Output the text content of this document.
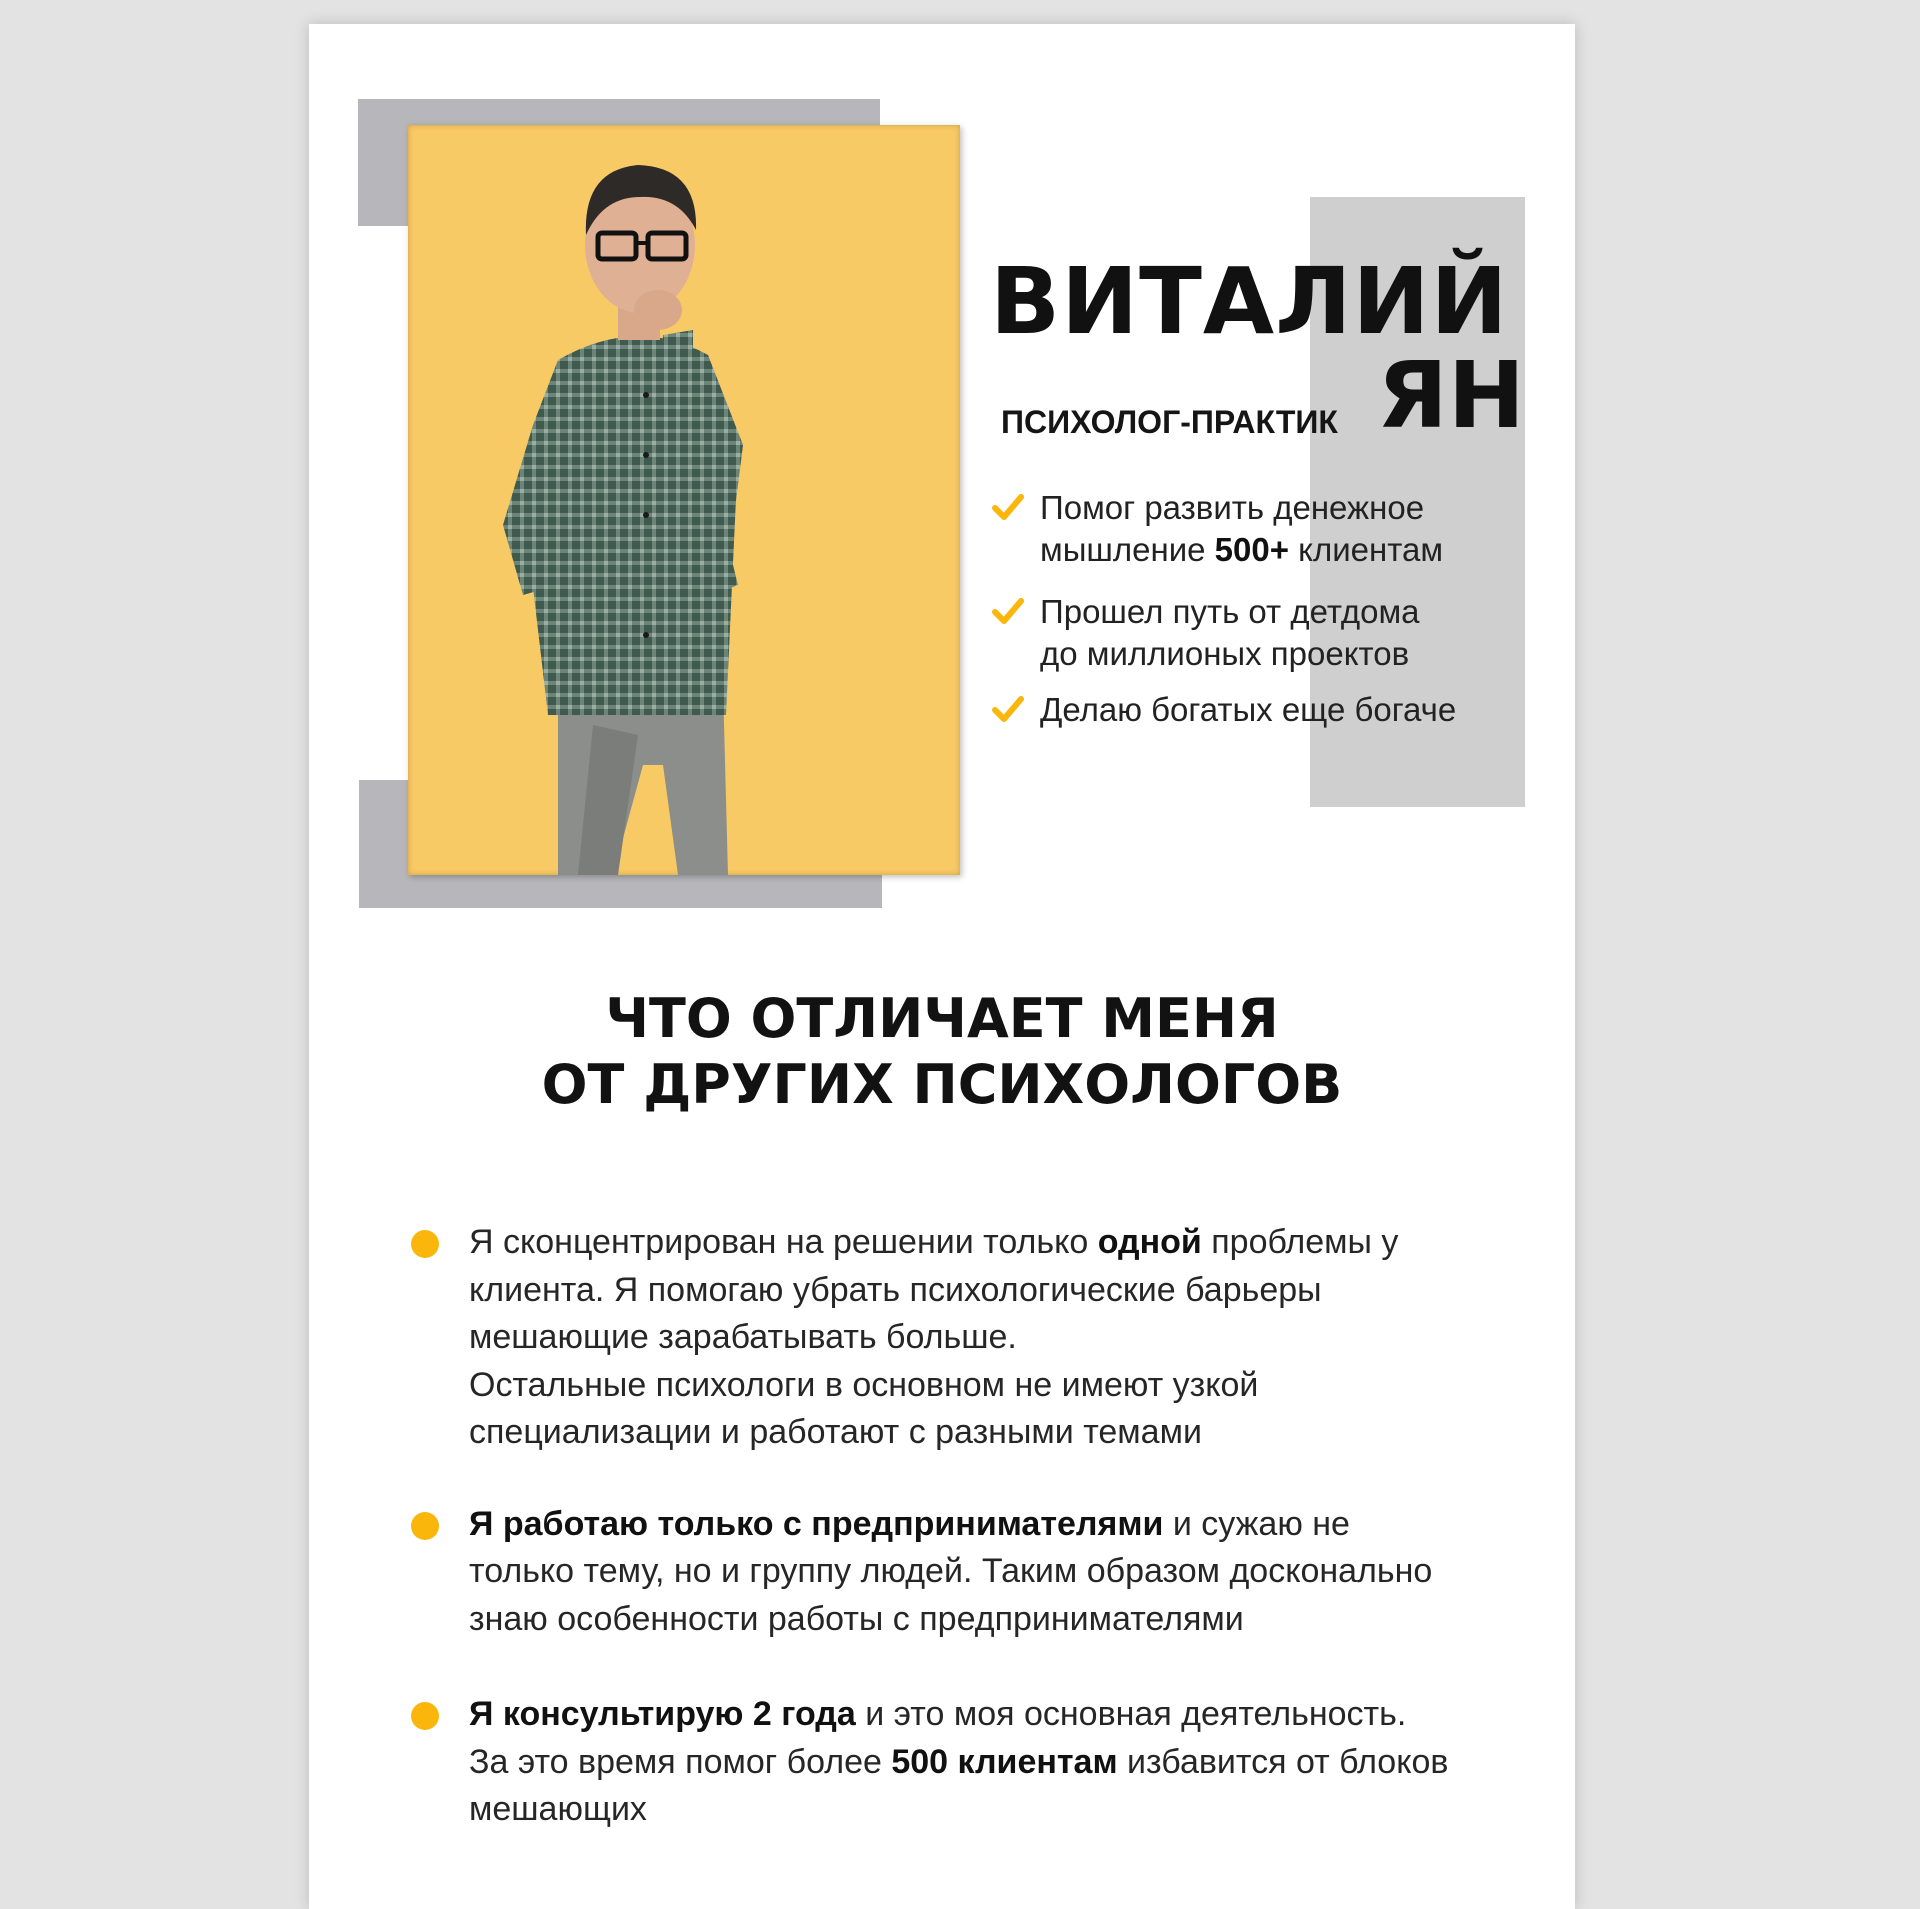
ВИТАЛИЙ
ПСИХОЛОГ-ПРАКТИК ЯН
Помог развить денежное
мышление 500+ клиентам
Прошел путь от детдома
до миллионых проектов
Делаю богатых еще богаче
ЧТО ОТЛИЧАЕТ МЕНЯ
ОТ ДРУГИХ ПСИХОЛОГОВ

Я сконцентрирован на решении только одной проблемы у клиента. Я помогаю убрать психологические барьеры мешающие зарабатывать больше.

Остальные психологи в основном не имеют узкой специализации и работают с разными темами

Я работаю только с предпринимателями и сужаю не только тему, но и группу людей. Таким образом досконально знаю особенности работы с предпринимателями

Я консультирую 2 года и это моя основная деятельность. За это время помог более 500 клиентам избавится от блоков мешающих
